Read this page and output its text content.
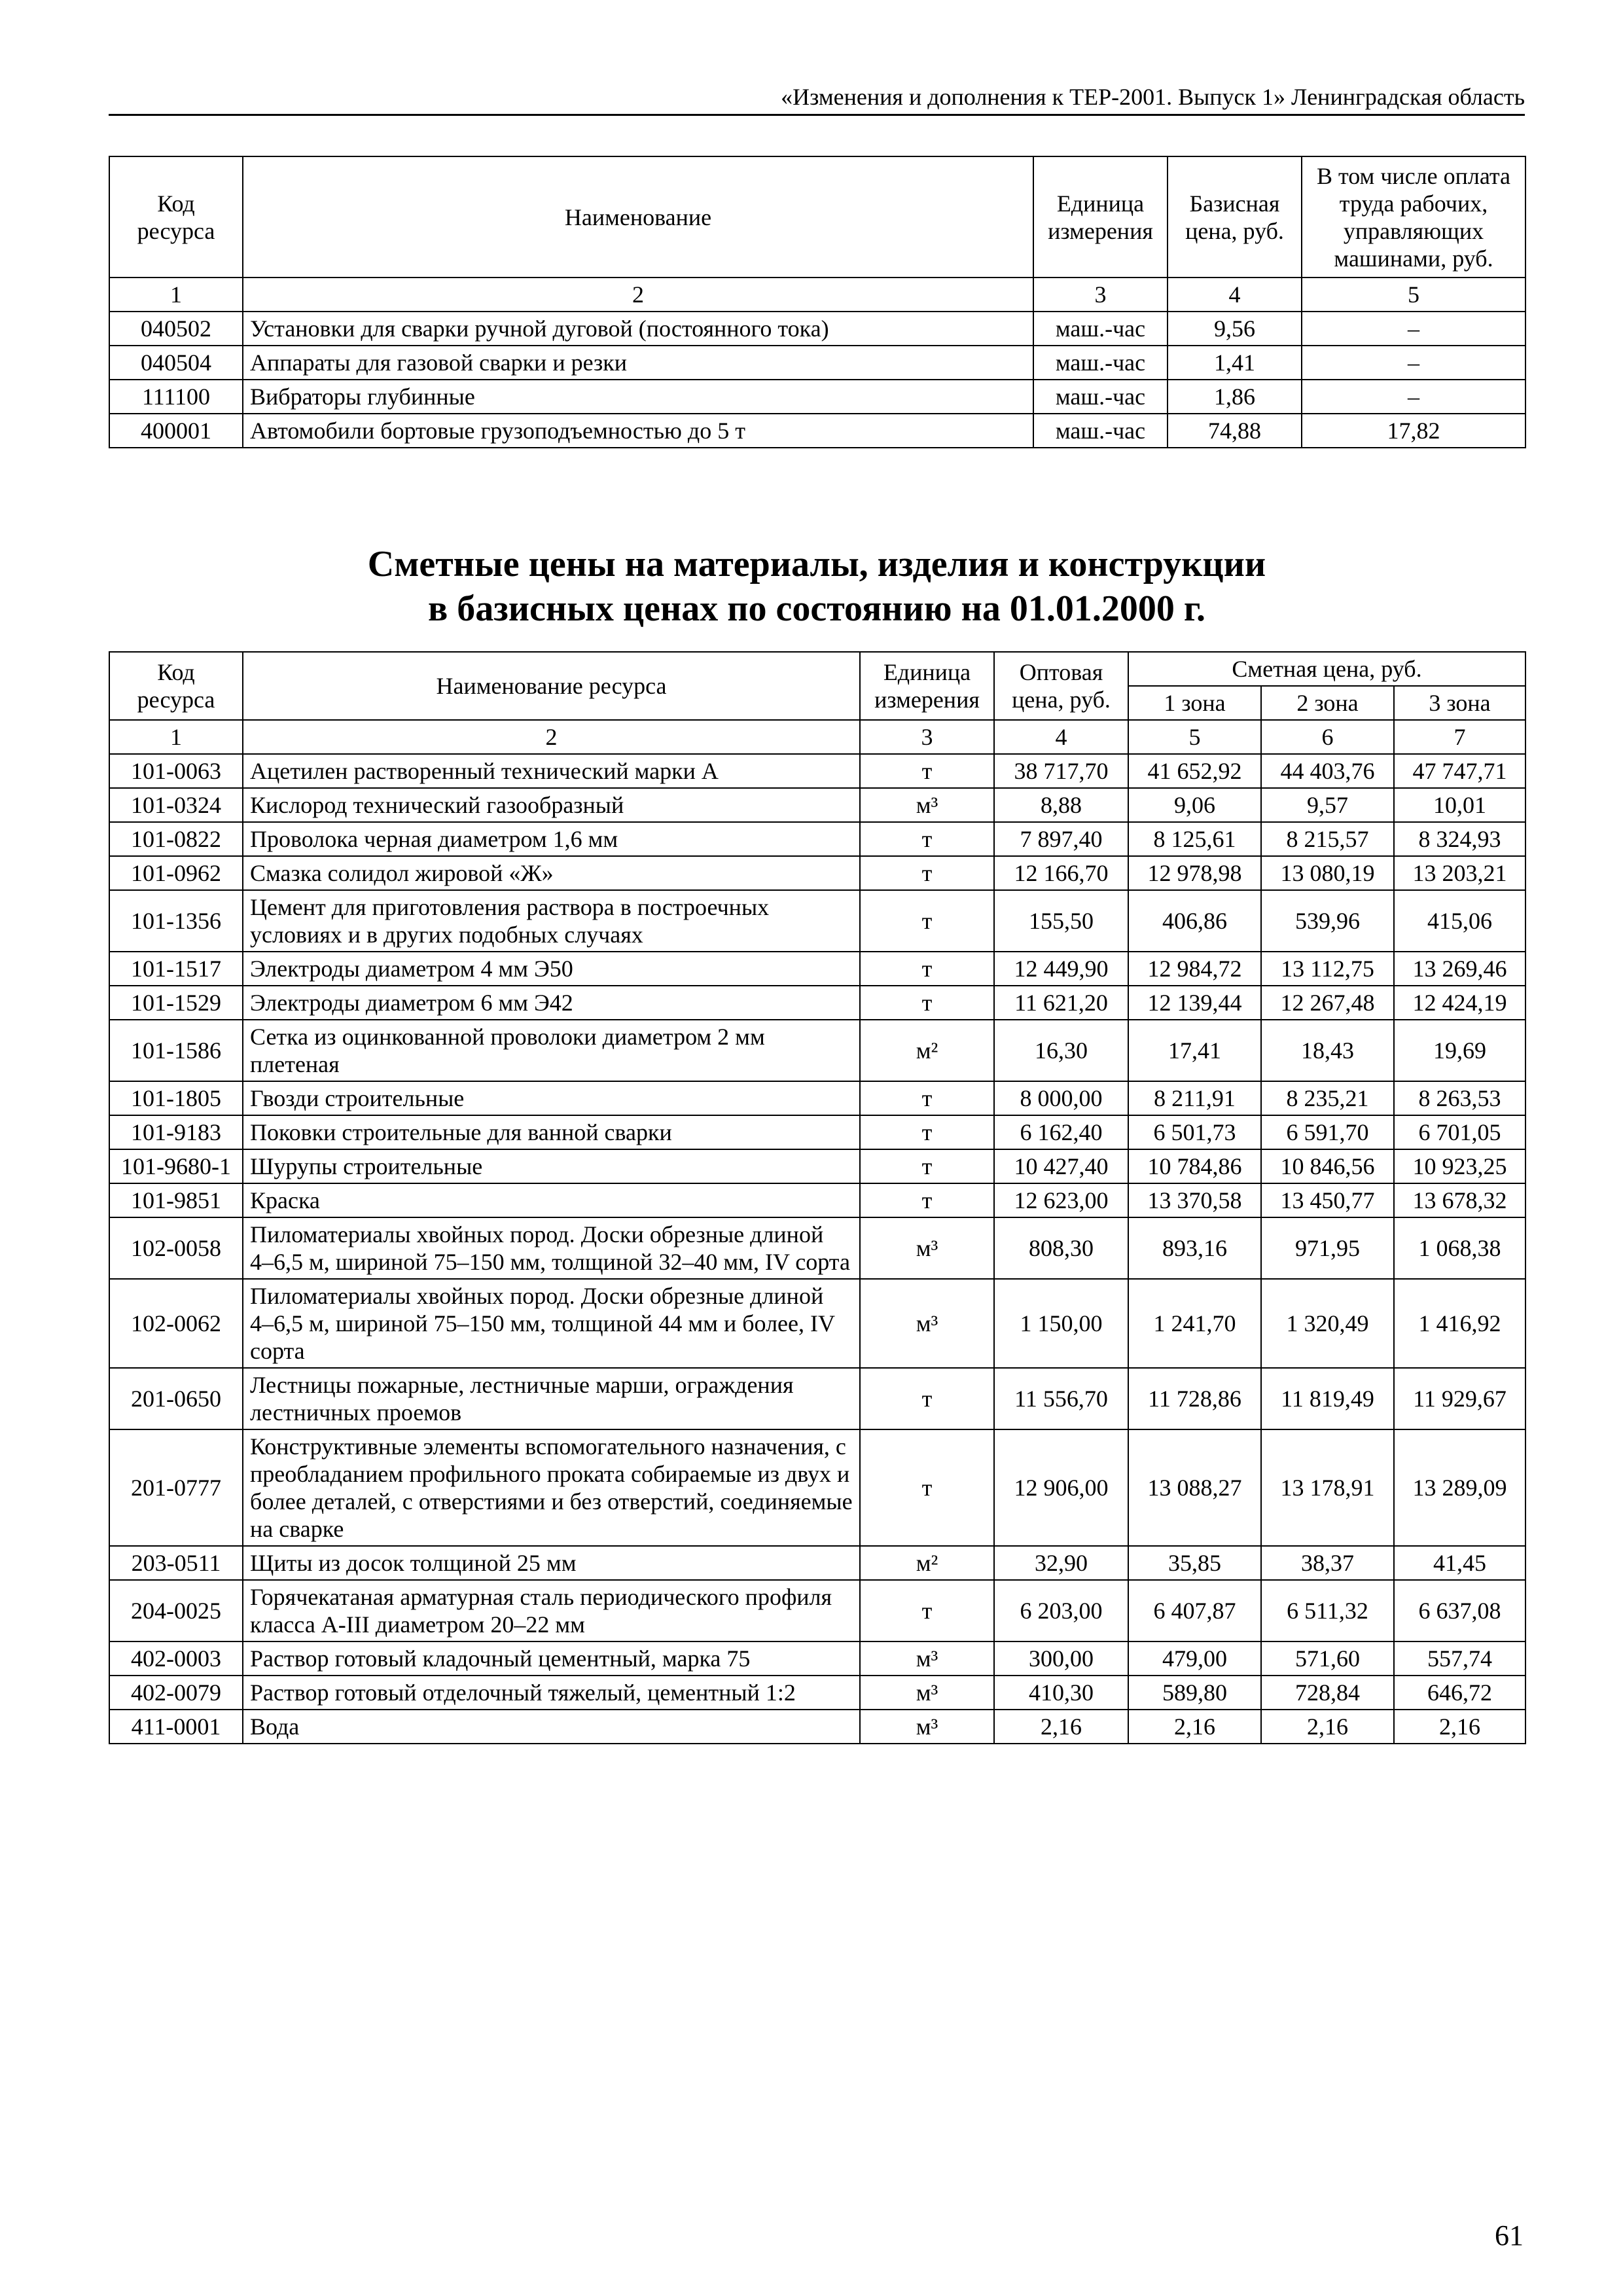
«Изменения и дополнения к ТЕР-2001. Выпуск 1» Ленинградская область
Код ресурса	Наименование	Единица измерения	Базисная цена, руб.	В том числе оплата труда рабочих, управляющих машинами, руб.
1	2	3	4	5
040502	Установки для сварки ручной дуговой (постоянного тока)	маш.-час	9,56	–
040504	Аппараты для газовой сварки и резки	маш.-час	1,41	–
111100	Вибраторы глубинные	маш.-час	1,86	–
400001	Автомобили бортовые грузоподъемностью до 5 т	маш.-час	74,88	17,82
Сметные цены на материалы, изделия и конструкции
в базисных ценах по состоянию на 01.01.2000 г.
Код ресурса	Наименование ресурса	Единица измерения	Оптовая цена, руб.	Сметная цена, руб.		
				1 зона	2 зона	3 зона
1	2	3	4	5	6	7
101-0063	Ацетилен растворенный технический марки А	т	38 717,70	41 652,92	44 403,76	47 747,71
101-0324	Кислород технический газообразный	м³	8,88	9,06	9,57	10,01
101-0822	Проволока черная диаметром 1,6 мм	т	7 897,40	8 125,61	8 215,57	8 324,93
101-0962	Смазка солидол жировой «Ж»	т	12 166,70	12 978,98	13 080,19	13 203,21
101-1356	Цемент для приготовления раствора в построечных условиях и в других подобных случаях	т	155,50	406,86	539,96	415,06
101-1517	Электроды диаметром 4 мм Э50	т	12 449,90	12 984,72	13 112,75	13 269,46
101-1529	Электроды диаметром 6 мм Э42	т	11 621,20	12 139,44	12 267,48	12 424,19
101-1586	Сетка из оцинкованной проволоки диаметром 2 мм плетеная	м²	16,30	17,41	18,43	19,69
101-1805	Гвозди строительные	т	8 000,00	8 211,91	8 235,21	8 263,53
101-9183	Поковки строительные для ванной сварки	т	6 162,40	6 501,73	6 591,70	6 701,05
101-9680-1	Шурупы строительные	т	10 427,40	10 784,86	10 846,56	10 923,25
101-9851	Краска	т	12 623,00	13 370,58	13 450,77	13 678,32
102-0058	Пиломатериалы хвойных пород. Доски обрезные длиной 4–6,5 м, шириной 75–150 мм, толщиной 32–40 мм, IV сорта	м³	808,30	893,16	971,95	1 068,38
102-0062	Пиломатериалы хвойных пород. Доски обрезные длиной 4–6,5 м, шириной 75–150 мм, толщиной 44 мм и более, IV сорта	м³	1 150,00	1 241,70	1 320,49	1 416,92
201-0650	Лестницы пожарные, лестничные марши, ограждения лестничных проемов	т	11 556,70	11 728,86	11 819,49	11 929,67
201-0777	Конструктивные элементы вспомогательного назначения, с преобладанием профильного проката собираемые из двух и более деталей, с отверстиями и без отверстий, соединяемые на сварке	т	12 906,00	13 088,27	13 178,91	13 289,09
203-0511	Щиты из досок толщиной 25 мм	м²	32,90	35,85	38,37	41,45
204-0025	Горячекатаная арматурная сталь периодического профиля класса А-III диаметром 20–22 мм	т	6 203,00	6 407,87	6 511,32	6 637,08
402-0003	Раствор готовый кладочный цементный, марка 75	м³	300,00	479,00	571,60	557,74
402-0079	Раствор готовый отделочный тяжелый, цементный 1:2	м³	410,30	589,80	728,84	646,72
411-0001	Вода	м³	2,16	2,16	2,16	2,16
61
